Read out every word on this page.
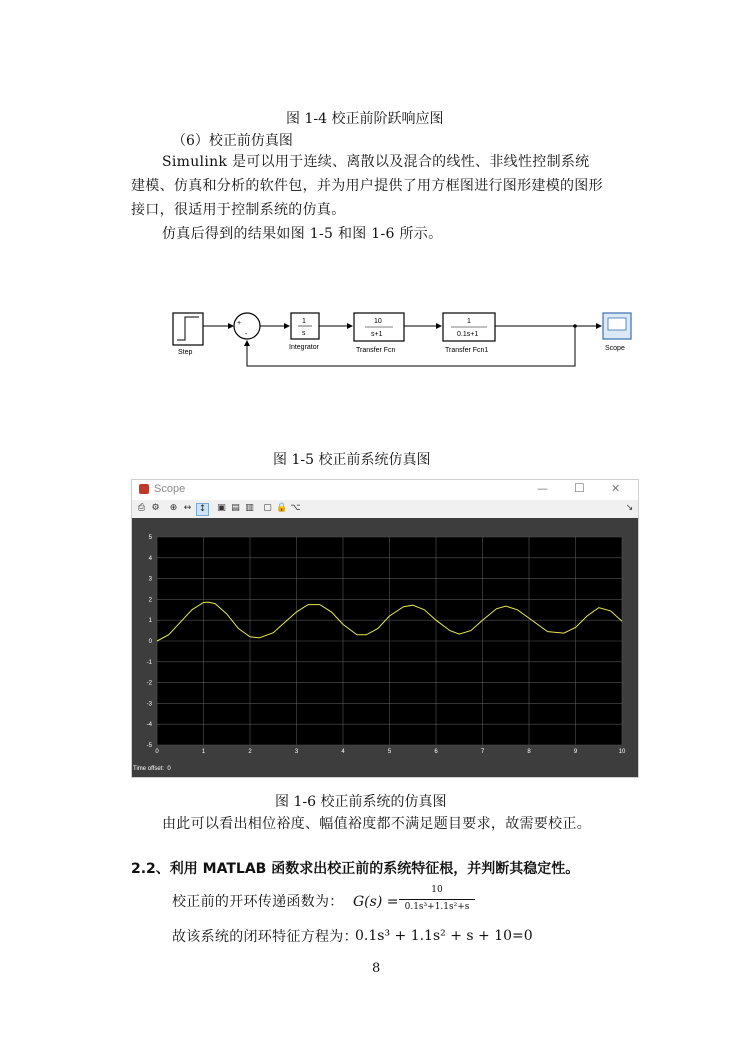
图 1-4 校正前阶跃响应图
（6）校正前仿真图
Simulink 是可以用于连续、离散以及混合的线性、非线性控制系统建模、仿真和分析的软件包，并为用户提供了用方框图进行图形建模的图形接口，很适用于控制系统的仿真。
仿真后得到的结果如图 1-5 和图 1-6 所示。
Step
+
-
1
s
Integrator
10
s+1
Transfer Fcn
1
0.1s+1
Transfer Fcn1	Scope
图 1-5 校正前系统仿真图
Scope	— ☐ ✕
⎙ ⚙ ⊕ ↔ ↕	▣ ▤ ▥ ▢ 🔒 ⌥	↘
0	1	2	3	4	5	6	7	8	9	10
5
4
3
2
1
0
-1
-2
-3
-4
-5
Time offset: 0
图 1-6 校正前系统的仿真图
由此可以看出相位裕度、幅值裕度都不满足题目要求，故需要校正。
2.2、利用 MATLAB 函数求出校正前的系统特征根，并判断其稳定性。
校正前的开环传递函数为： G(s) =
10
0.1s³+1.1s²+s
故该系统的闭环特征方程为：
0.1s³ + 1.1s² + s + 10=0
8
